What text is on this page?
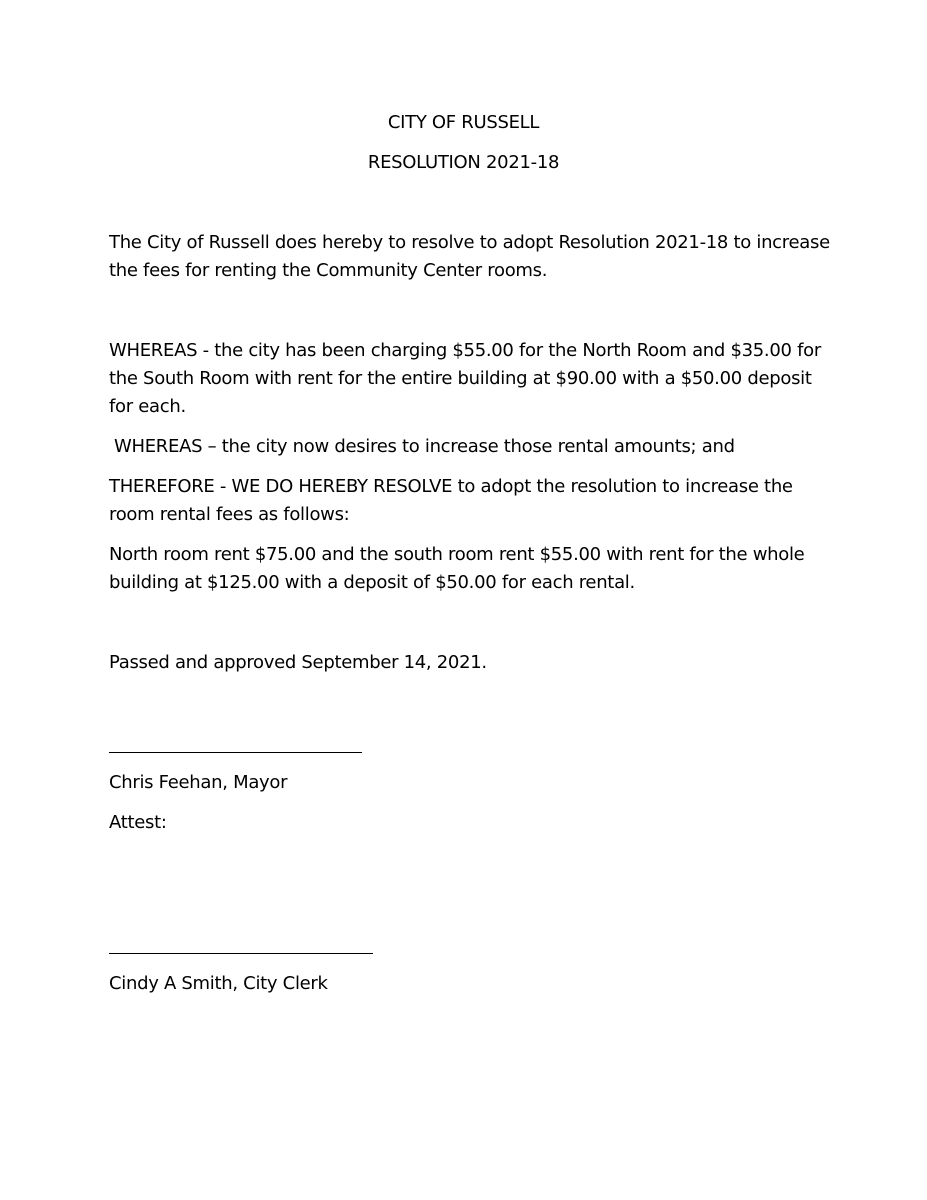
CITY OF RUSSELL
RESOLUTION 2021-18
The City of Russell does hereby to resolve to adopt Resolution 2021-18 to increase
the fees for renting the Community Center rooms.
WHEREAS - the city has been charging $55.00 for the North Room and $35.00 for
the South Room with rent for the entire building at $90.00 with a $50.00 deposit
for each.
WHEREAS – the city now desires to increase those rental amounts; and
THEREFORE - WE DO HEREBY RESOLVE to adopt the resolution to increase the
room rental fees as follows:
North room rent $75.00 and the south room rent $55.00 with rent for the whole
building at $125.00 with a deposit of $50.00 for each rental.
Passed and approved September 14, 2021.
Chris Feehan, Mayor
Attest:
Cindy A Smith, City Clerk
